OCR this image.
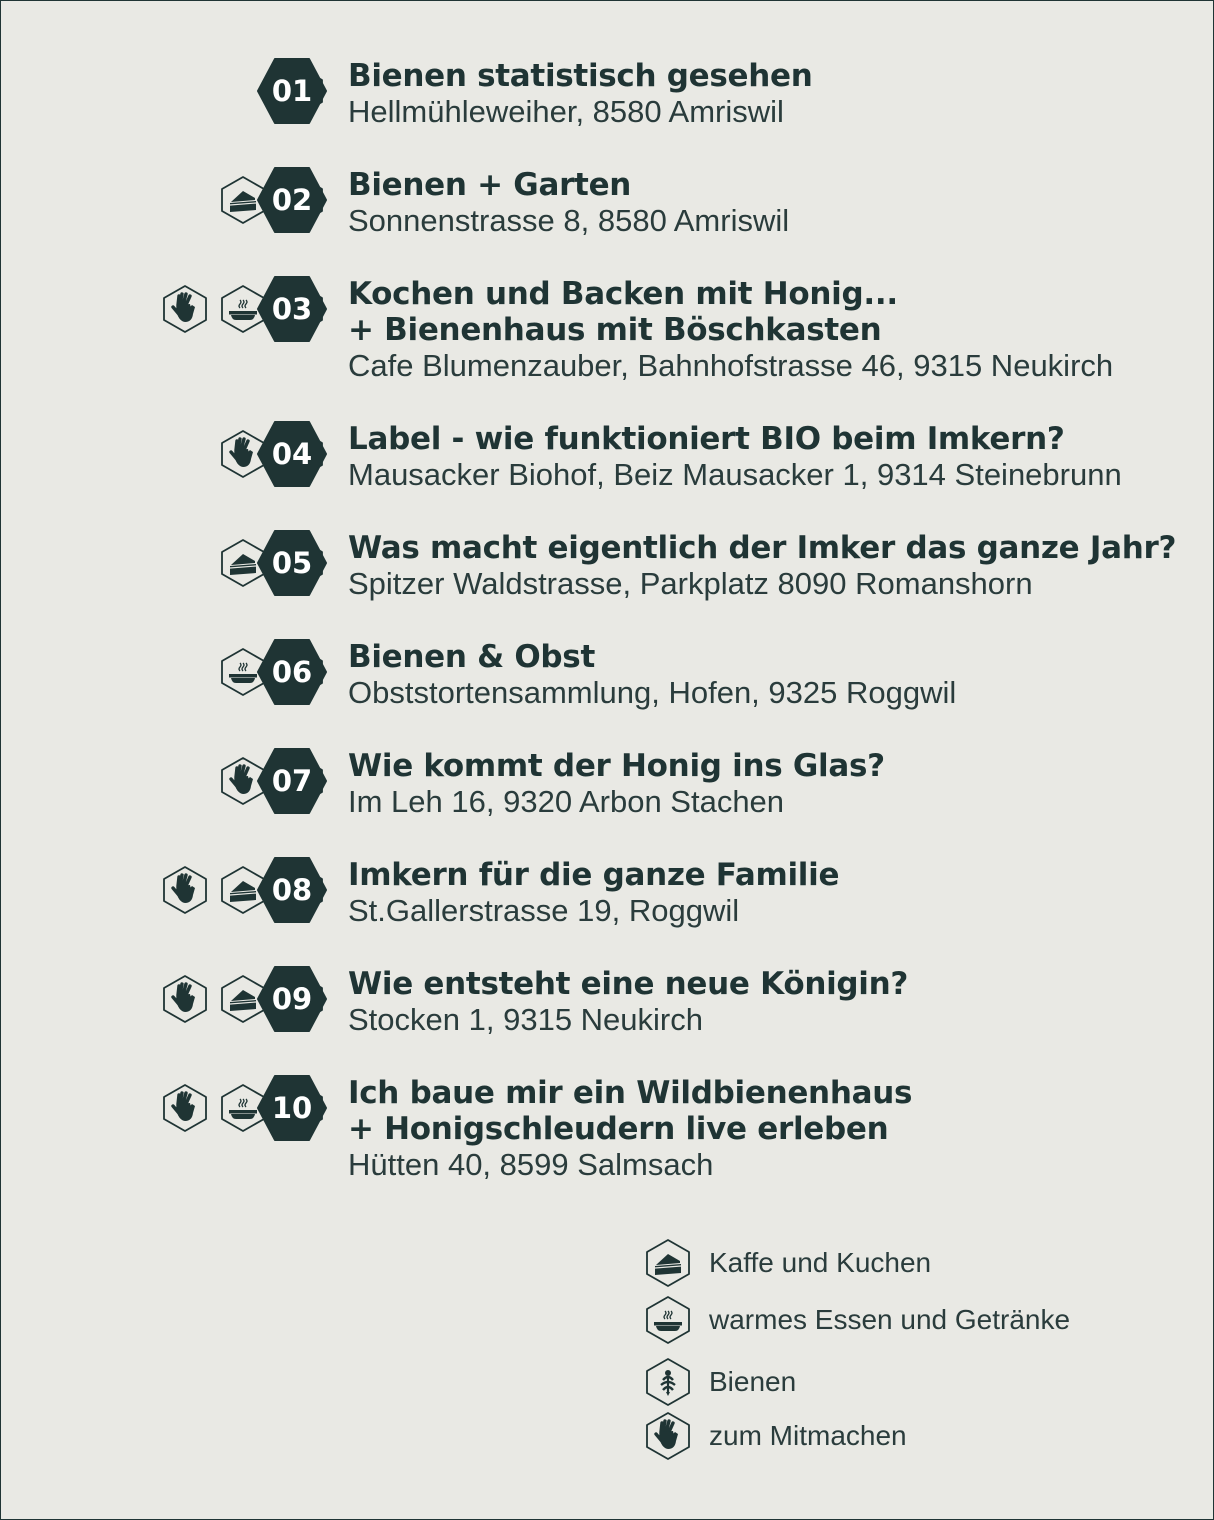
01	Bienen statistisch gesehen
Hellmühleweiher, 8580 Amriswil
02	Bienen + Garten
Sonnenstrasse 8, 8580 Amriswil
03	Kochen und Backen mit Honig...
+ Bienenhaus mit Böschkasten
Cafe Blumenzauber, Bahnhofstrasse 46, 9315 Neukirch
04	Label - wie funktioniert BIO beim Imkern?
Mausacker Biohof, Beiz Mausacker 1, 9314 Steinebrunn
05	Was macht eigentlich der Imker das ganze Jahr?
Spitzer Waldstrasse, Parkplatz 8090 Romanshorn
06	Bienen & Obst
Obststortensammlung, Hofen, 9325 Roggwil
07	Wie kommt der Honig ins Glas?
Im Leh 16, 9320 Arbon Stachen
08	Imkern für die ganze Familie
St.Gallerstrasse 19, Roggwil
09	Wie entsteht eine neue Königin?
Stocken 1, 9315 Neukirch
10	Ich baue mir ein Wildbienenhaus
+ Honigschleudern live erleben
Hütten 40, 8599 Salmsach
Kaffe und Kuchen
warmes Essen und Getränke
Bienen
zum Mitmachen
